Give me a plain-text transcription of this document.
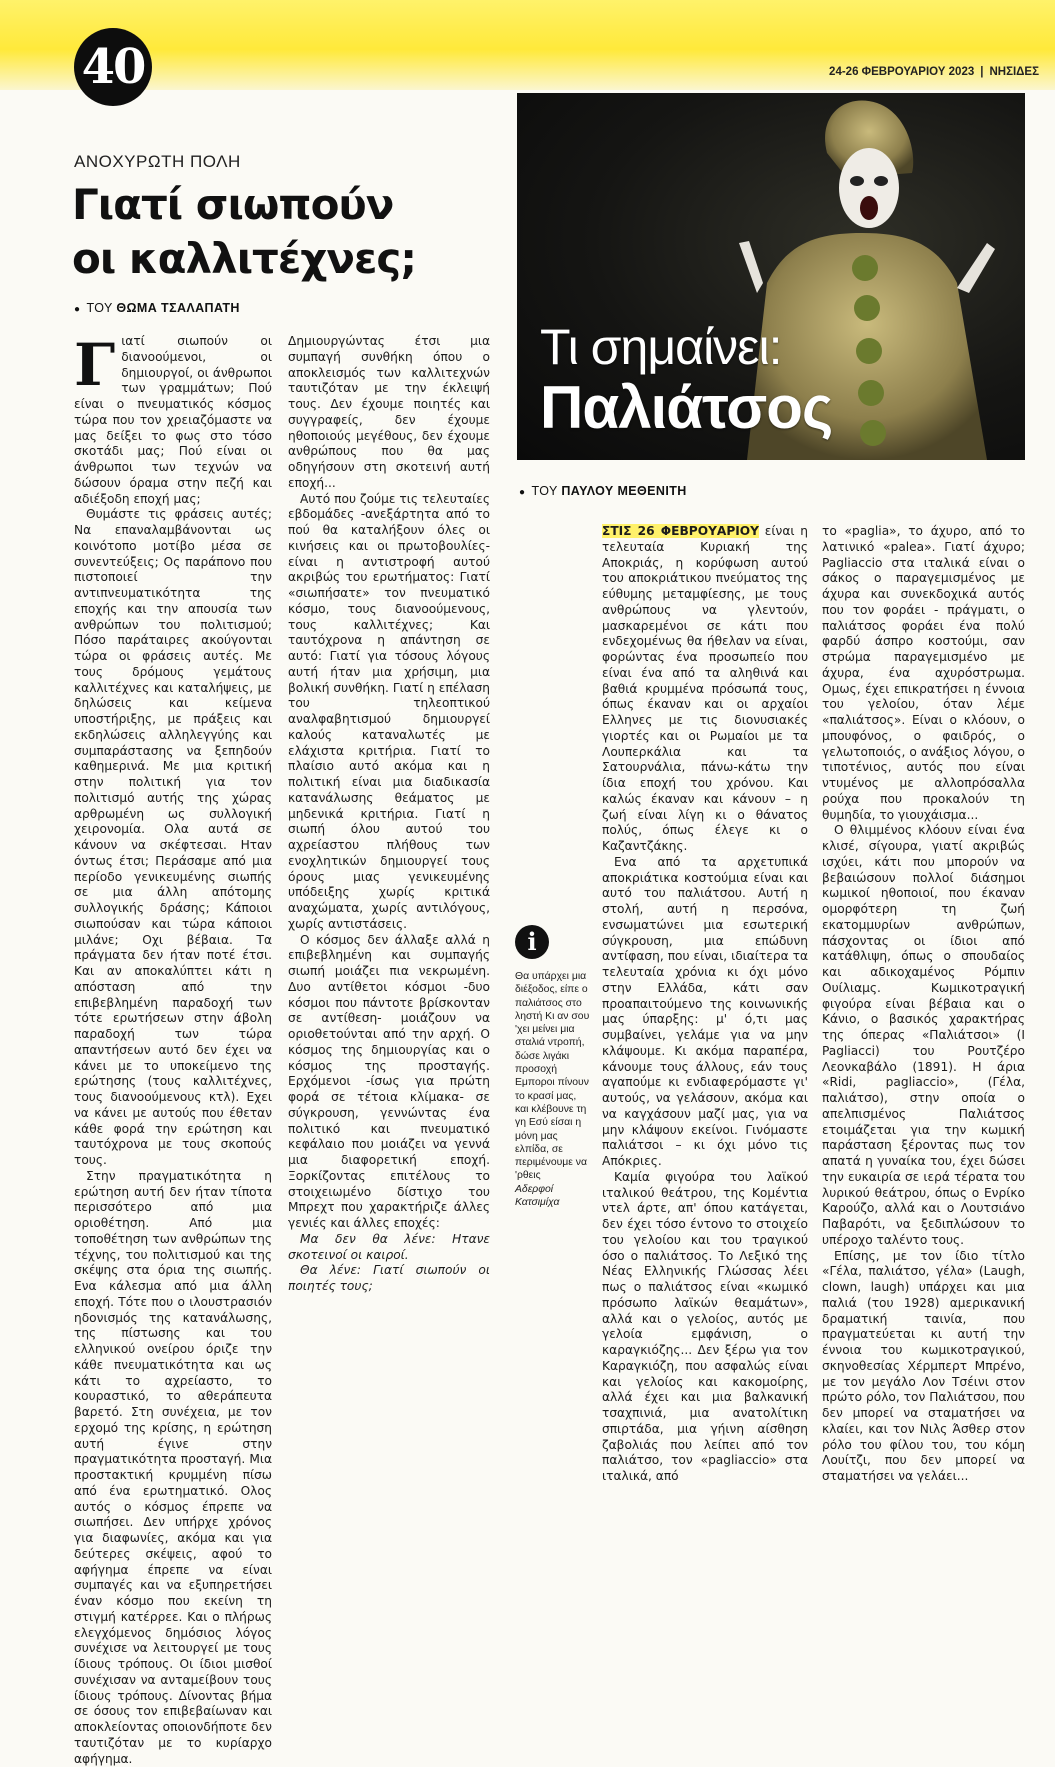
40	24-26 ΦΕΒΡΟΥΑΡΙΟΥ 2023 | ΝΗΣΙΔΕΣ
ΑΝΟΧΥΡΩΤΗ ΠΟΛΗ
Γιατί σιωπούν
οι καλλιτέχνες;
● ΤΟΥ ΘΩΜΑ ΤΣΑΛΑΠΑΤΗ

Γιατί σιωπούν οι διανοούμενοι, οι δημιουργοί, οι άνθρωποι των γραμμάτων; Πού είναι ο πνευματικός κόσμος τώρα που τον χρειαζόμαστε να μας δείξει το φως στο τόσο σκοτάδι μας; Πού είναι οι άνθρωποι των τεχνών να δώσουν όραμα στην πεζή και αδιέξοδη εποχή μας;

Θυμάστε τις φράσεις αυτές; Να επαναλαμβάνονται ως κοινότοπο μοτίβο μέσα σε συνεντεύξεις; Ος παράπονο που πιστοποιεί την αντιπνευματικότητα της εποχής και την απουσία των ανθρώπων του πολιτισμού; Πόσο παράταιρες ακούγονται τώρα οι φράσεις αυτές. Με τους δρόμους γεμάτους καλλιτέχνες και καταλήψεις, με δηλώσεις και κείμενα υποστήριξης, με πράξεις και εκδηλώσεις αλληλεγγύης και συμπαράστασης να ξεπηδούν καθημερινά. Με μια κριτική στην πολιτική για τον πολιτισμό αυτής της χώρας αρθρωμένη ως συλλογική χειρονομία. Ολα αυτά σε κάνουν να σκέφτεσαι. Ηταν όντως έτσι; Περάσαμε από μια περίοδο γενικευμένης σιωπής σε μια άλλη απότομης συλλογικής δράσης; Κάποιοι σιωπούσαν και τώρα κάποιοι μιλάνε; Οχι βέβαια. Τα πράγματα δεν ήταν ποτέ έτσι. Και αν αποκαλύπτει κάτι η απόσταση από την επιβεβλημένη παραδοχή των τότε ερωτήσεων στην άβολη παραδοχή των τώρα απαντήσεων αυτό δεν έχει να κάνει με το υποκείμενο της ερώτησης (τους καλλιτέχνες, τους διανοούμενους κτλ). Εχει να κάνει με αυτούς που έθεταν κάθε φορά την ερώτηση και ταυτόχρονα με τους σκοπούς τους.

Στην πραγματικότητα η ερώτηση αυτή δεν ήταν τίποτα περισσότερο από μια οριοθέτηση. Από μια τοποθέτηση των ανθρώπων της τέχνης, του πολιτισμού και της σκέψης στα όρια της σιωπής. Ενα κάλεσμα από μια άλλη εποχή. Τότε που ο ιλουστρασιόν ηδονισμός της κατανάλωσης, της πίστωσης και του ελληνικού ονείρου όριζε την κάθε πνευματικότητα και ως κάτι το αχρείαστο, το κουραστικό, το αθεράπευτα βαρετό. Στη συνέχεια, με τον ερχομό της κρίσης, η ερώτηση αυτή έγινε στην πραγματικότητα προσταγή. Μια προστακτική κρυμμένη πίσω από ένα ερωτηματικό. Ολος αυτός ο κόσμος έπρεπε να σιωπήσει. Δεν υπήρχε χρόνος για διαφωνίες, ακόμα και για δεύτερες σκέψεις, αφού το αφήγημα έπρεπε να είναι συμπαγές και να εξυπηρετήσει έναν κόσμο που εκείνη τη στιγμή κατέρρεε. Και ο πλήρως ελεγχόμενος δημόσιος λόγος συνέχισε να λειτουργεί με τους ίδιους τρόπους. Οι ίδιοι μισθοί συνέχισαν να ανταμείβουν τους ίδιους τρόπους. Δίνοντας βήμα σε όσους τον επιβεβαίωναν και αποκλείοντας οποιονδήποτε δεν ταυτιζόταν με το κυρίαρχο αφήγημα.

Δημιουργώντας έτσι μια συμπαγή συνθήκη όπου ο αποκλεισμός των καλλιτεχνών ταυτιζόταν με την έκλειψή τους. Δεν έχουμε ποιητές και συγγραφείς, δεν έχουμε ηθοποιούς μεγέθους, δεν έχουμε ανθρώπους που θα μας οδηγήσουν στη σκοτεινή αυτή εποχή...

Αυτό που ζούμε τις τελευταίες εβδομάδες -ανεξάρτητα από το πού θα καταλήξουν όλες οι κινήσεις και οι πρωτοβουλίες- είναι η αντιστροφή αυτού ακριβώς του ερωτήματος: Γιατί «σιωπήσατε» τον πνευματικό κόσμο, τους διανοούμενους, τους καλλιτέχνες; Και ταυτόχρονα η απάντηση σε αυτό: Γιατί για τόσους λόγους αυτή ήταν μια χρήσιμη, μια βολική συνθήκη. Γιατί η επέλαση του τηλεοπτικού αναλφαβητισμού δημιουργεί καλούς καταναλωτές με ελάχιστα κριτήρια. Γιατί το πλαίσιο αυτό ακόμα και η πολιτική είναι μια διαδικασία κατανάλωσης θεάματος με μηδενικά κριτήρια. Γιατί η σιωπή όλου αυτού του αχρείαστου πλήθους των ενοχλητικών δημιουργεί τους όρους μιας γενικευμένης υπόδειξης χωρίς κριτικά αναχώματα, χωρίς αντιλόγους, χωρίς αντιστάσεις.

Ο κόσμος δεν άλλαξε αλλά η επιβεβλημένη και συμπαγής σιωπή μοιάζει πια νεκρωμένη. Δυο αντίθετοι κόσμοι -δυο κόσμοι που πάντοτε βρίσκονταν σε αντίθεση- μοιάζουν να οριοθετούνται από την αρχή. Ο κόσμος της δημιουργίας και ο κόσμος της προσταγής. Ερχόμενοι -ίσως για πρώτη φορά σε τέτοια κλίμακα- σε σύγκρουση, γεννώντας ένα πολιτικό και πνευματικό κεφάλαιο που μοιάζει να γεννά μια διαφορετική εποχή. Ξορκίζοντας επιτέλους το στοιχειωμένο δίστιχο του Μπρεχτ που χαρακτήριζε άλλες γενιές και άλλες εποχές:

Μα δεν θα λένε: Ητανε σκοτεινοί οι καιροί.

Θα λένε: Γιατί σιωπούν οι ποιητές τους;

Τι σημαίνει:
Παλιάτσος
● ΤΟΥ ΠΑΥΛΟΥ ΜΕΘΕΝΙΤΗ
i
Θα υπάρχει μια διέξοδος, είπε ο παλιάτσος στο ληστή Κι αν σου 'χει μείνει μια σταλιά ντροπή, δώσε λιγάκι προσοχή Εμποροι πίνουν το κρασί μας, και κλέβουνε τη γη Εσύ είσαι η μόνη μας ελπίδα, σε περιμένουμε να 'ρθεις
Αδερφοί Κατσιμίχα

ΣΤΙΣ 26 ΦΕΒΡΟΥΑΡΙΟΥ είναι η τελευταία Κυριακή της Αποκριάς, η κορύφωση αυτού του αποκριάτικου πνεύματος της εύθυμης μεταμφίεσης, με τους ανθρώπους να γλεντούν, μασκαρεμένοι σε κάτι που ενδεχομένως θα ήθελαν να είναι, φορώντας ένα προσωπείο που είναι ένα από τα αληθινά και βαθιά κρυμμένα πρόσωπά τους, όπως έκαναν και οι αρχαίοι Ελληνες με τις διονυσιακές γιορτές και οι Ρωμαίοι με τα Λουπερκάλια και τα Σατουρνάλια, πάνω-κάτω την ίδια εποχή του χρόνου. Και καλώς έκαναν και κάνουν – η ζωή είναι λίγη κι ο θάνατος πολύς, όπως έλεγε κι ο Καζαντζάκης.

Ενα από τα αρχετυπικά αποκριάτικα κοστούμια είναι και αυτό του παλιάτσου. Αυτή η στολή, αυτή η περσόνα, ενσωματώνει μια εσωτερική σύγκρουση, μια επώδυνη αντίφαση, που είναι, ιδιαίτερα τα τελευταία χρόνια κι όχι μόνο στην Ελλάδα, κάτι σαν προαπαιτούμενο της κοινωνικής μας ύπαρξης: μ' ό,τι μας συμβαίνει, γελάμε για να μην κλάψουμε. Κι ακόμα παραπέρα, κάνουμε τους άλλους, εάν τους αγαπούμε κι ενδιαφερόμαστε γι' αυτούς, να γελάσουν, ακόμα και να καγχάσουν μαζί μας, για να μην κλάψουν εκείνοι. Γινόμαστε παλιάτσοι – κι όχι μόνο τις Απόκριες.

Καμία φιγούρα του λαϊκού ιταλικού θεάτρου, της Κομέντια ντελ άρτε, απ' όπου κατάγεται, δεν έχει τόσο έντονο το στοιχείο του γελοίου και του τραγικού όσο ο παλιάτσος. Το Λεξικό της Νέας Ελληνικής Γλώσσας λέει πως ο παλιάτσος είναι «κωμικό πρόσωπο λαϊκών θεαμάτων», αλλά και ο γελοίος, αυτός με γελοία εμφάνιση, ο καραγκιόζης... Δεν ξέρω για τον Καραγκιόζη, που ασφαλώς είναι και γελοίος και κακομοίρης, αλλά έχει και μια βαλκανική τσαχπινιά, μια ανατολίτικη σπιρτάδα, μια γήινη αίσθηση ζαβολιάς που λείπει από τον παλιάτσο, τον «pagliaccio» στα ιταλικά, από

το «paglia», το άχυρο, από το λατινικό «palea». Γιατί άχυρο; Pagliaccio στα ιταλικά είναι ο σάκος ο παραγεμισμένος με άχυρα και συνεκδοχικά αυτός που τον φοράει - πράγματι, ο παλιάτσος φοράει ένα πολύ φαρδύ άσπρο κοστούμι, σαν στρώμα παραγεμισμένο με άχυρα, ένα αχυρόστρωμα. Ομως, έχει επικρατήσει η έννοια του γελοίου, όταν λέμε «παλιάτσος». Είναι ο κλόουν, ο μπουφόνος, ο φαιδρός, ο γελωτοποιός, ο ανάξιος λόγου, ο τιποτένιος, αυτός που είναι ντυμένος με αλλοπρόσαλλα ρούχα που προκαλούν τη θυμηδία, το γιουχάισμα...

Ο θλιμμένος κλόουν είναι ένα κλισέ, σίγουρα, γιατί ακριβώς ισχύει, κάτι που μπορούν να βεβαιώσουν πολλοί διάσημοι κωμικοί ηθοποιοί, που έκαναν ομορφότερη τη ζωή εκατομμυρίων ανθρώπων, πάσχοντας οι ίδιοι από κατάθλιψη, όπως ο σπουδαίος και αδικοχαμένος Ρόμπιν Ουίλιαμς. Κωμικοτραγική φιγούρα είναι βέβαια και ο Κάνιο, ο βασικός χαρακτήρας της όπερας «Παλιάτσοι» (I Pagliacci) του Ρουτζέρο Λεονκαβάλο (1891). Η άρια «Ridi, pagliaccio», (Γέλα, παλιάτσο), στην οποία ο απελπισμένος Παλιάτσος ετοιμάζεται για την κωμική παράσταση ξέροντας πως τον απατά η γυναίκα του, έχει δώσει την ευκαιρία σε ιερά τέρατα του λυρικού θεάτρου, όπως ο Ενρίκο Καρούζο, αλλά και ο Λουτσιάνο Παβαρότι, να ξεδιπλώσουν το υπέροχο ταλέντο τους.

Επίσης, με τον ίδιο τίτλο «Γέλα, παλιάτσο, γέλα» (Laugh, clown, laugh) υπάρχει και μια παλιά (του 1928) αμερικανική δραματική ταινία, που πραγματεύεται κι αυτή την έννοια του κωμικοτραγικού, σκηνοθεσίας Χέρμπερτ Μπρένο, με τον μεγάλο Λον Τσέινι στον πρώτο ρόλο, τον Παλιάτσου, που δεν μπορεί να σταματήσει να κλαίει, και τον Νιλς Άσθερ στον ρόλο του φίλου του, του κόμη Λουίτζι, που δεν μπορεί να σταματήσει να γελάει...
